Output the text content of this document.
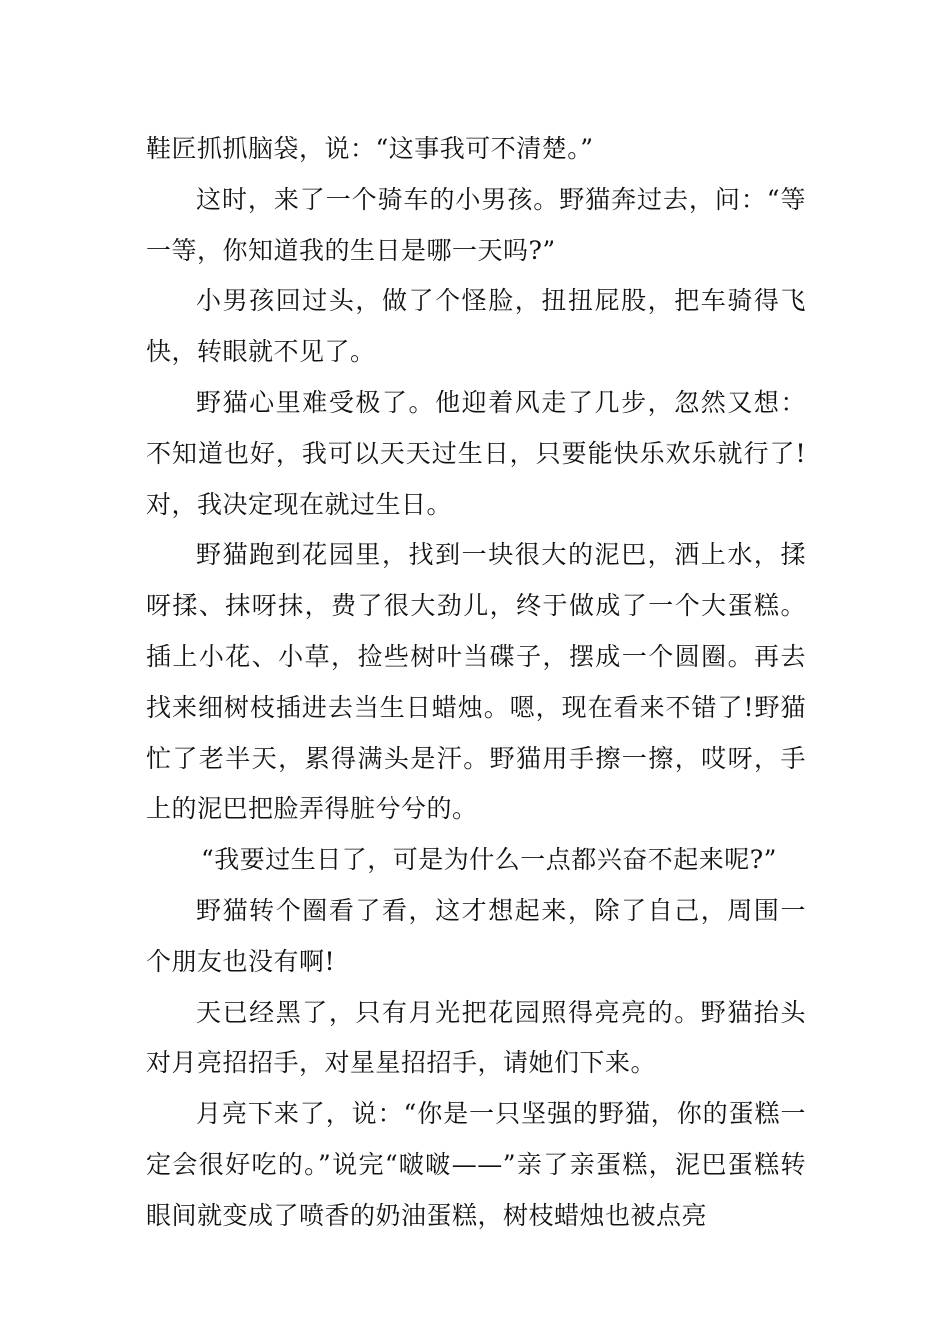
鞋匠抓抓脑袋，说：“这事我可不清楚。”

这时，来了一个骑车的小男孩。野猫奔过去，问：“等一等，你知道我的生日是哪一天吗?”

小男孩回过头，做了个怪脸，扭扭屁股，把车骑得飞快，转眼就不见了。

野猫心里难受极了。他迎着风走了几步，忽然又想：不知道也好，我可以天天过生日，只要能快乐欢乐就行了!对，我决定现在就过生日。

野猫跑到花园里，找到一块很大的泥巴，洒上水，揉呀揉、抹呀抹，费了很大劲儿，终于做成了一个大蛋糕。插上小花、小草，捡些树叶当碟子，摆成一个圆圈。再去找来细树枝插进去当生日蜡烛。嗯，现在看来不错了!野猫忙了老半天，累得满头是汗。野猫用手擦一擦，哎呀，手上的泥巴把脸弄得脏兮兮的。

“我要过生日了，可是为什么一点都兴奋不起来呢?”

野猫转个圈看了看，这才想起来，除了自己，周围一个朋友也没有啊!

天已经黑了，只有月光把花园照得亮亮的。野猫抬头对月亮招招手，对星星招招手，请她们下来。

月亮下来了，说：“你是一只坚强的野猫，你的蛋糕一定会很好吃的。”说完“啵啵——”亲了亲蛋糕，泥巴蛋糕转眼间就变成了喷香的奶油蛋糕，树枝蜡烛也被点亮
